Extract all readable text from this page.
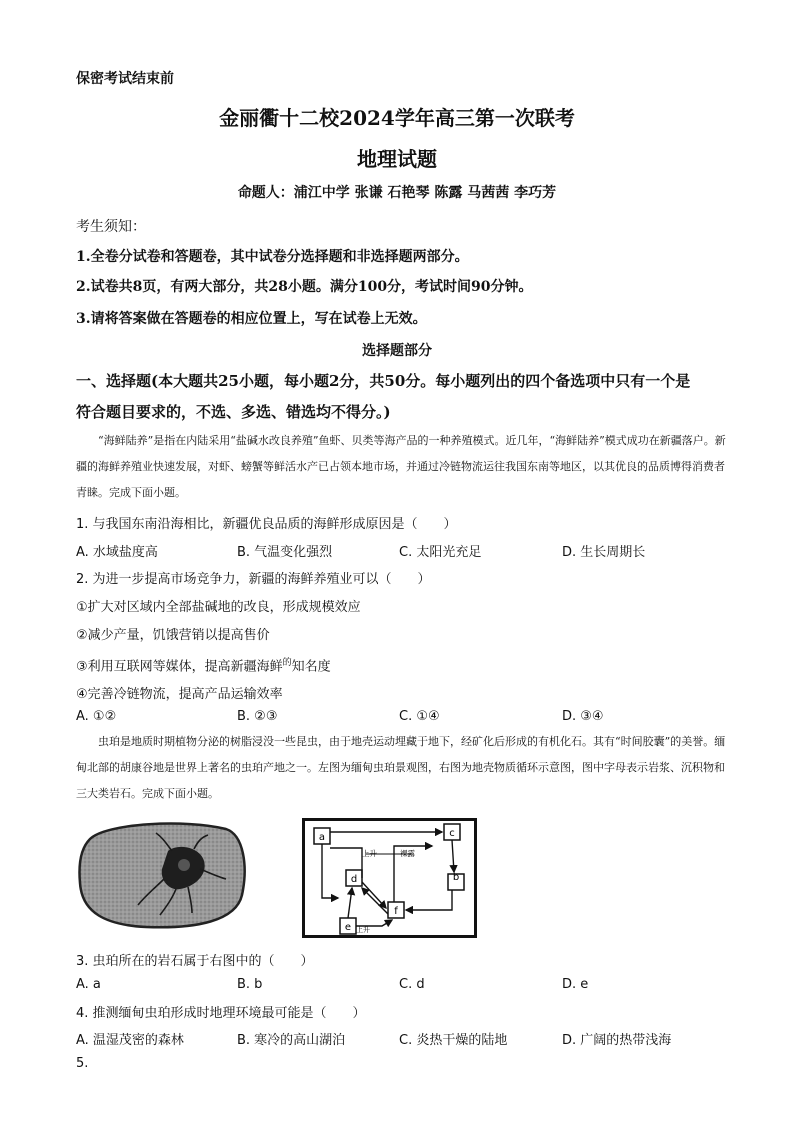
保密考试结束前
金丽衢十二校2024学年高三第一次联考
地理试题
命题人：浦江中学 张谦 石艳琴 陈露 马茜茜 李巧芳
考生须知：
1.全卷分试卷和答题卷，其中试卷分选择题和非选择题两部分。
2.试卷共8页，有两大部分，共28小题。满分100分，考试时间90分钟。
3.请将答案做在答题卷的相应位置上，写在试卷上无效。
选择题部分
一、选择题(本大题共25小题，每小题2分，共50分。每小题列出的四个备选项中只有一个是
符合题目要求的，不选、多选、错选均不得分。)
“海鲜陆养”是指在内陆采用“盐碱水改良养殖”鱼虾、贝类等海产品的一种养殖模式。近几年，“海鲜陆养”模式成功在新疆落户。新疆的海鲜养殖业快速发展，对虾、螃蟹等鲜活水产已占领本地市场，并通过冷链物流运往我国东南等地区，以其优良的品质博得消费者青睐。完成下面小题。
1. 与我国东南沿海相比，新疆优良品质的海鲜形成原因是（　　）
A. 水域盐度高	B. 气温变化强烈	C. 太阳光充足	D. 生长周期长
2. 为进一步提高市场竞争力，新疆的海鲜养殖业可以（　　）
①扩大对区域内全部盐碱地的改良，形成规模效应
②减少产量，饥饿营销以提高售价
③利用互联网等媒体，提高新疆海鲜$^的$知名度
④完善冷链物流，提高产品运输效率
A. ①②	B. ②③	C. ①④	D. ③④
虫珀是地质时期植物分泌的树脂浸没一些昆虫，由于地壳运动埋藏于地下，经矿化后形成的有机化石。其有“时间胶囊”的美誉。缅甸北部的胡康谷地是世界上著名的虫珀产地之一。左图为缅甸虫珀景观图，右图为地壳物质循环示意图，图中字母表示岩浆、沉积物和三大类岩石。完成下面小题。
a
b
c
d
e
f
上升	裸露
上升
3. 虫珀所在的岩石属于右图中的（　　）
A. a	B. b	C. d	D. e
4. 推测缅甸虫珀形成时地理环境最可能是（　　）
A. 温湿茂密的森林	B. 寒冷的高山湖泊	C. 炎热干燥的陆地	D. 广阔的热带浅海
5.
